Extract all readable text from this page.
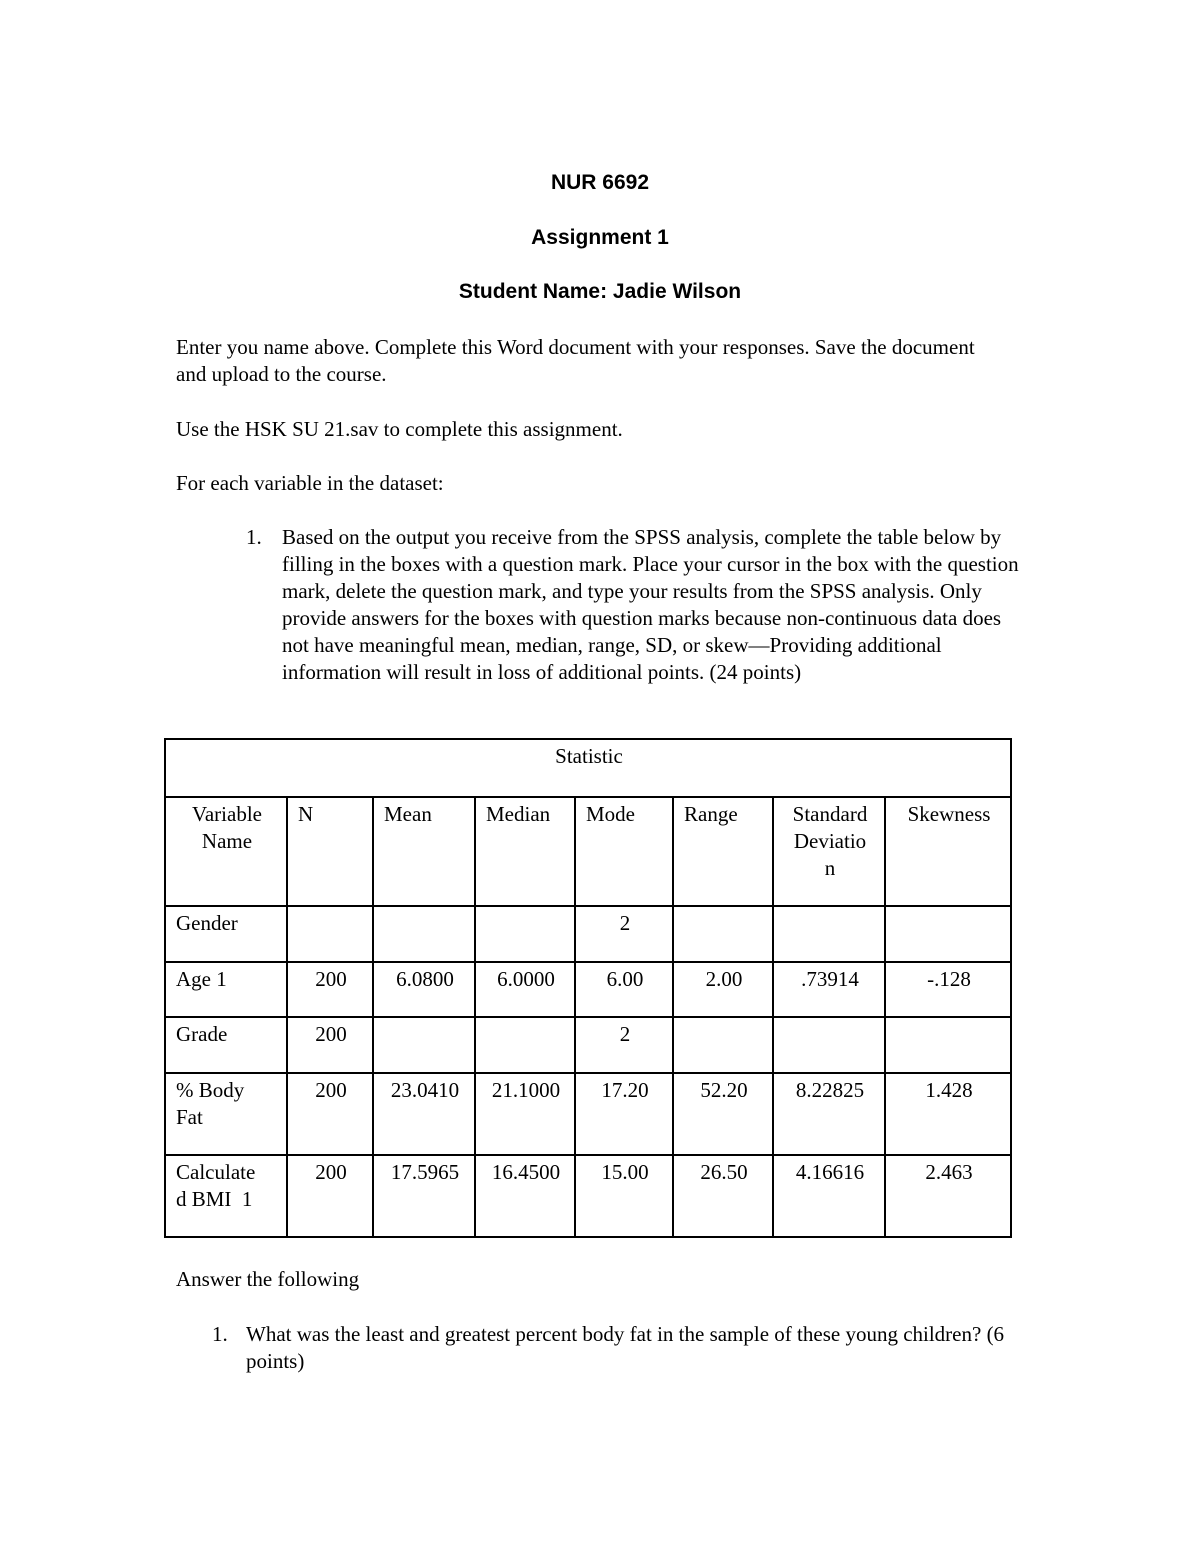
NUR 6692
Assignment 1
Student Name: Jadie Wilson
Enter you name above. Complete this Word document with your responses. Save the document and upload to the course.
Use the HSK SU 21.sav to complete this assignment.
For each variable in the dataset:
1. Based on the output you receive from the SPSS analysis, complete the table below by filling in the boxes with a question mark. Place your cursor in the box with the question mark, delete the question mark, and type your results from the SPSS analysis. Only provide answers for the boxes with question marks because non-continuous data does not have meaningful mean, median, range, SD, or skew—Providing additional information will result in loss of additional points. (24 points)
Statistic							
Variable Name	N	Mean	Median	Mode	Range	Standard
Deviatio
n	Skewness
Gender				2			
Age 1	200	6.0800	6.0000	6.00	2.00	.73914	-.128
Grade	200			2			
% Body
Fat	200	23.0410	21.1000	17.20	52.20	8.22825	1.428
Calculate
d BMI  1	200	17.5965	16.4500	15.00	26.50	4.16616	2.463
Answer the following
1. What was the least and greatest percent body fat in the sample of these young children? (6 points)
